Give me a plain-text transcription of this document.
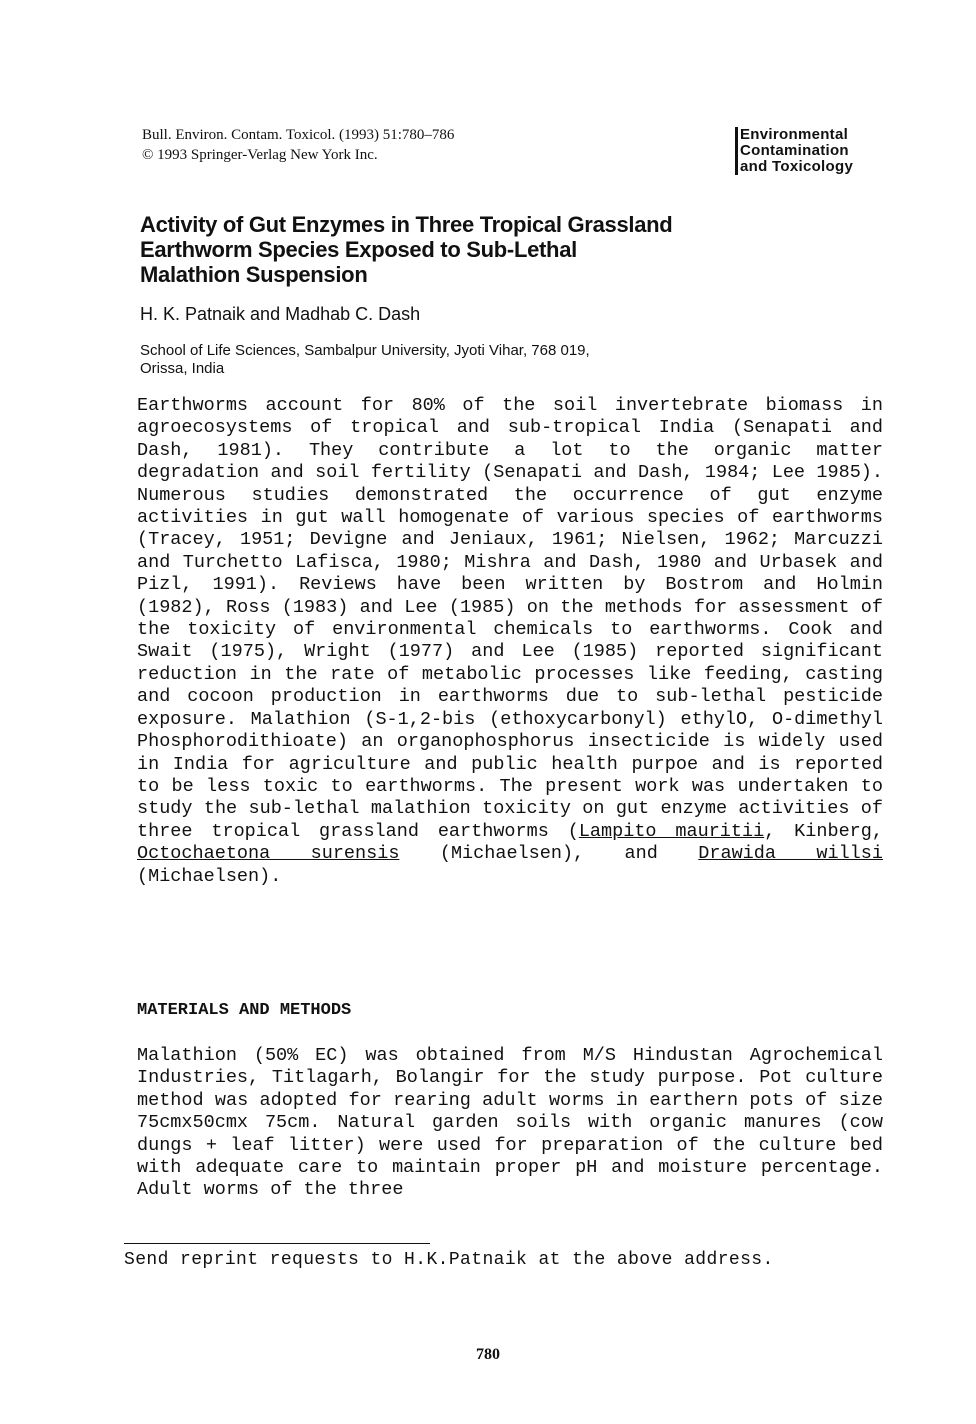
Bull. Environ. Contam. Toxicol. (1993) 51:780–786
© 1993 Springer-Verlag New York Inc.
Environmental
Contamination
and Toxicology
Activity of Gut Enzymes in Three Tropical Grassland
Earthworm Species Exposed to Sub-Lethal
Malathion Suspension
H. K. Patnaik and Madhab C. Dash
School of Life Sciences, Sambalpur University, Jyoti Vihar, 768 019,
Orissa, India
Earthworms account for 80% of the soil invertebrate biomass in agroecosystems of tropical and sub-tropical India (Senapati and Dash, 1981). They contribute a lot to the organic matter degradation and soil fertility (Senapati and Dash, 1984; Lee 1985). Numerous studies demonstrated the occurrence of gut enzyme activities in gut wall homogenate of various species of earthworms (Tracey, 1951; Devigne and Jeniaux, 1961; Nielsen, 1962; Marcuzzi and Turchetto Lafisca, 1980; Mishra and Dash, 1980 and Urbasek and Pizl, 1991). Reviews have been written by Bostrom and Holmin (1982), Ross (1983) and Lee (1985) on the methods for assessment of the toxicity of environmental chemicals to earthworms. Cook and Swait (1975), Wright (1977) and Lee (1985) reported significant reduction in the rate of metabolic processes like feeding, casting and cocoon production in earthworms due to sub-lethal pesticide exposure. Malathion (S-1,2-bis (ethoxycarbonyl) ethylO, O-dimethyl Phosphorodithioate) an organophosphorus insecticide is widely used in India for agriculture and public health purpoe and is reported to be less toxic to earthworms. The present work was undertaken to study the sub-lethal malathion toxicity on gut enzyme activities of three tropical grassland earthworms (Lampito mauritii, Kinberg, Octochaetona surensis (Michaelsen), and Drawida willsi (Michaelsen).
MATERIALS AND METHODS
Malathion (50% EC) was obtained from M/S Hindustan Agrochemical Industries, Titlagarh, Bolangir for the study purpose. Pot culture method was adopted for rearing adult worms in earthern pots of size 75cmx50cmx 75cm. Natural garden soils with organic manures (cow dungs + leaf litter) were used for preparation of the culture bed with adequate care to maintain proper pH and moisture percentage. Adult worms of the three
Send reprint requests to H.K.Patnaik at the above address.
780
